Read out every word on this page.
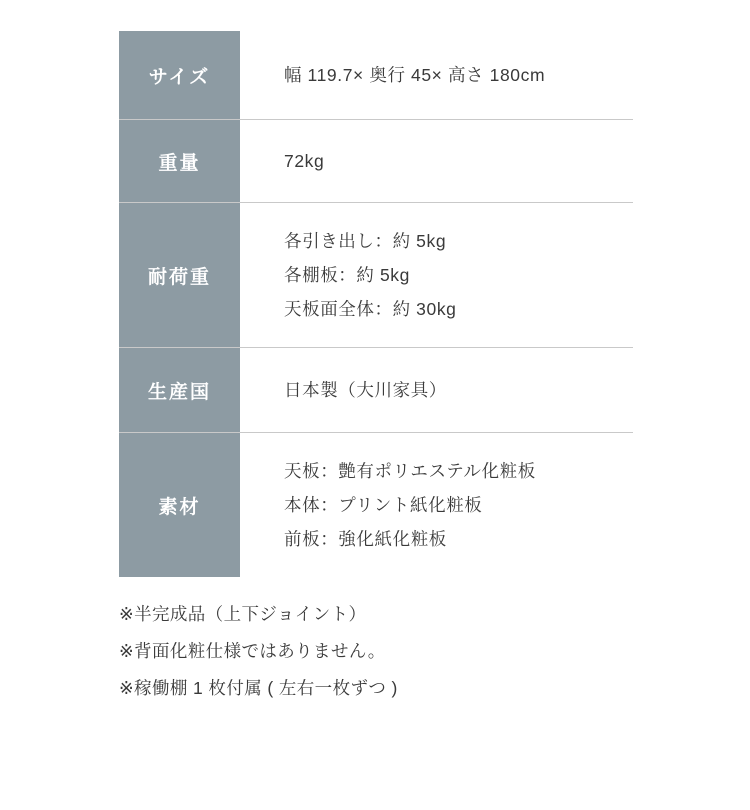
サイズ	幅 119.7× 奥行 45× 高さ 180cm

重量	72kg

耐荷重	各引き出し：約 5kg
各棚板：約 5kg
天板面全体：約 30kg

生産国	日本製（大川家具）

素材	天板：艶有ポリエステル化粧板
本体：プリント紙化粧板
前板：強化紙化粧板
※半完成品（上下ジョイント）
※背面化粧仕様ではありません。
※稼働棚 1 枚付属 ( 左右一枚ずつ )
